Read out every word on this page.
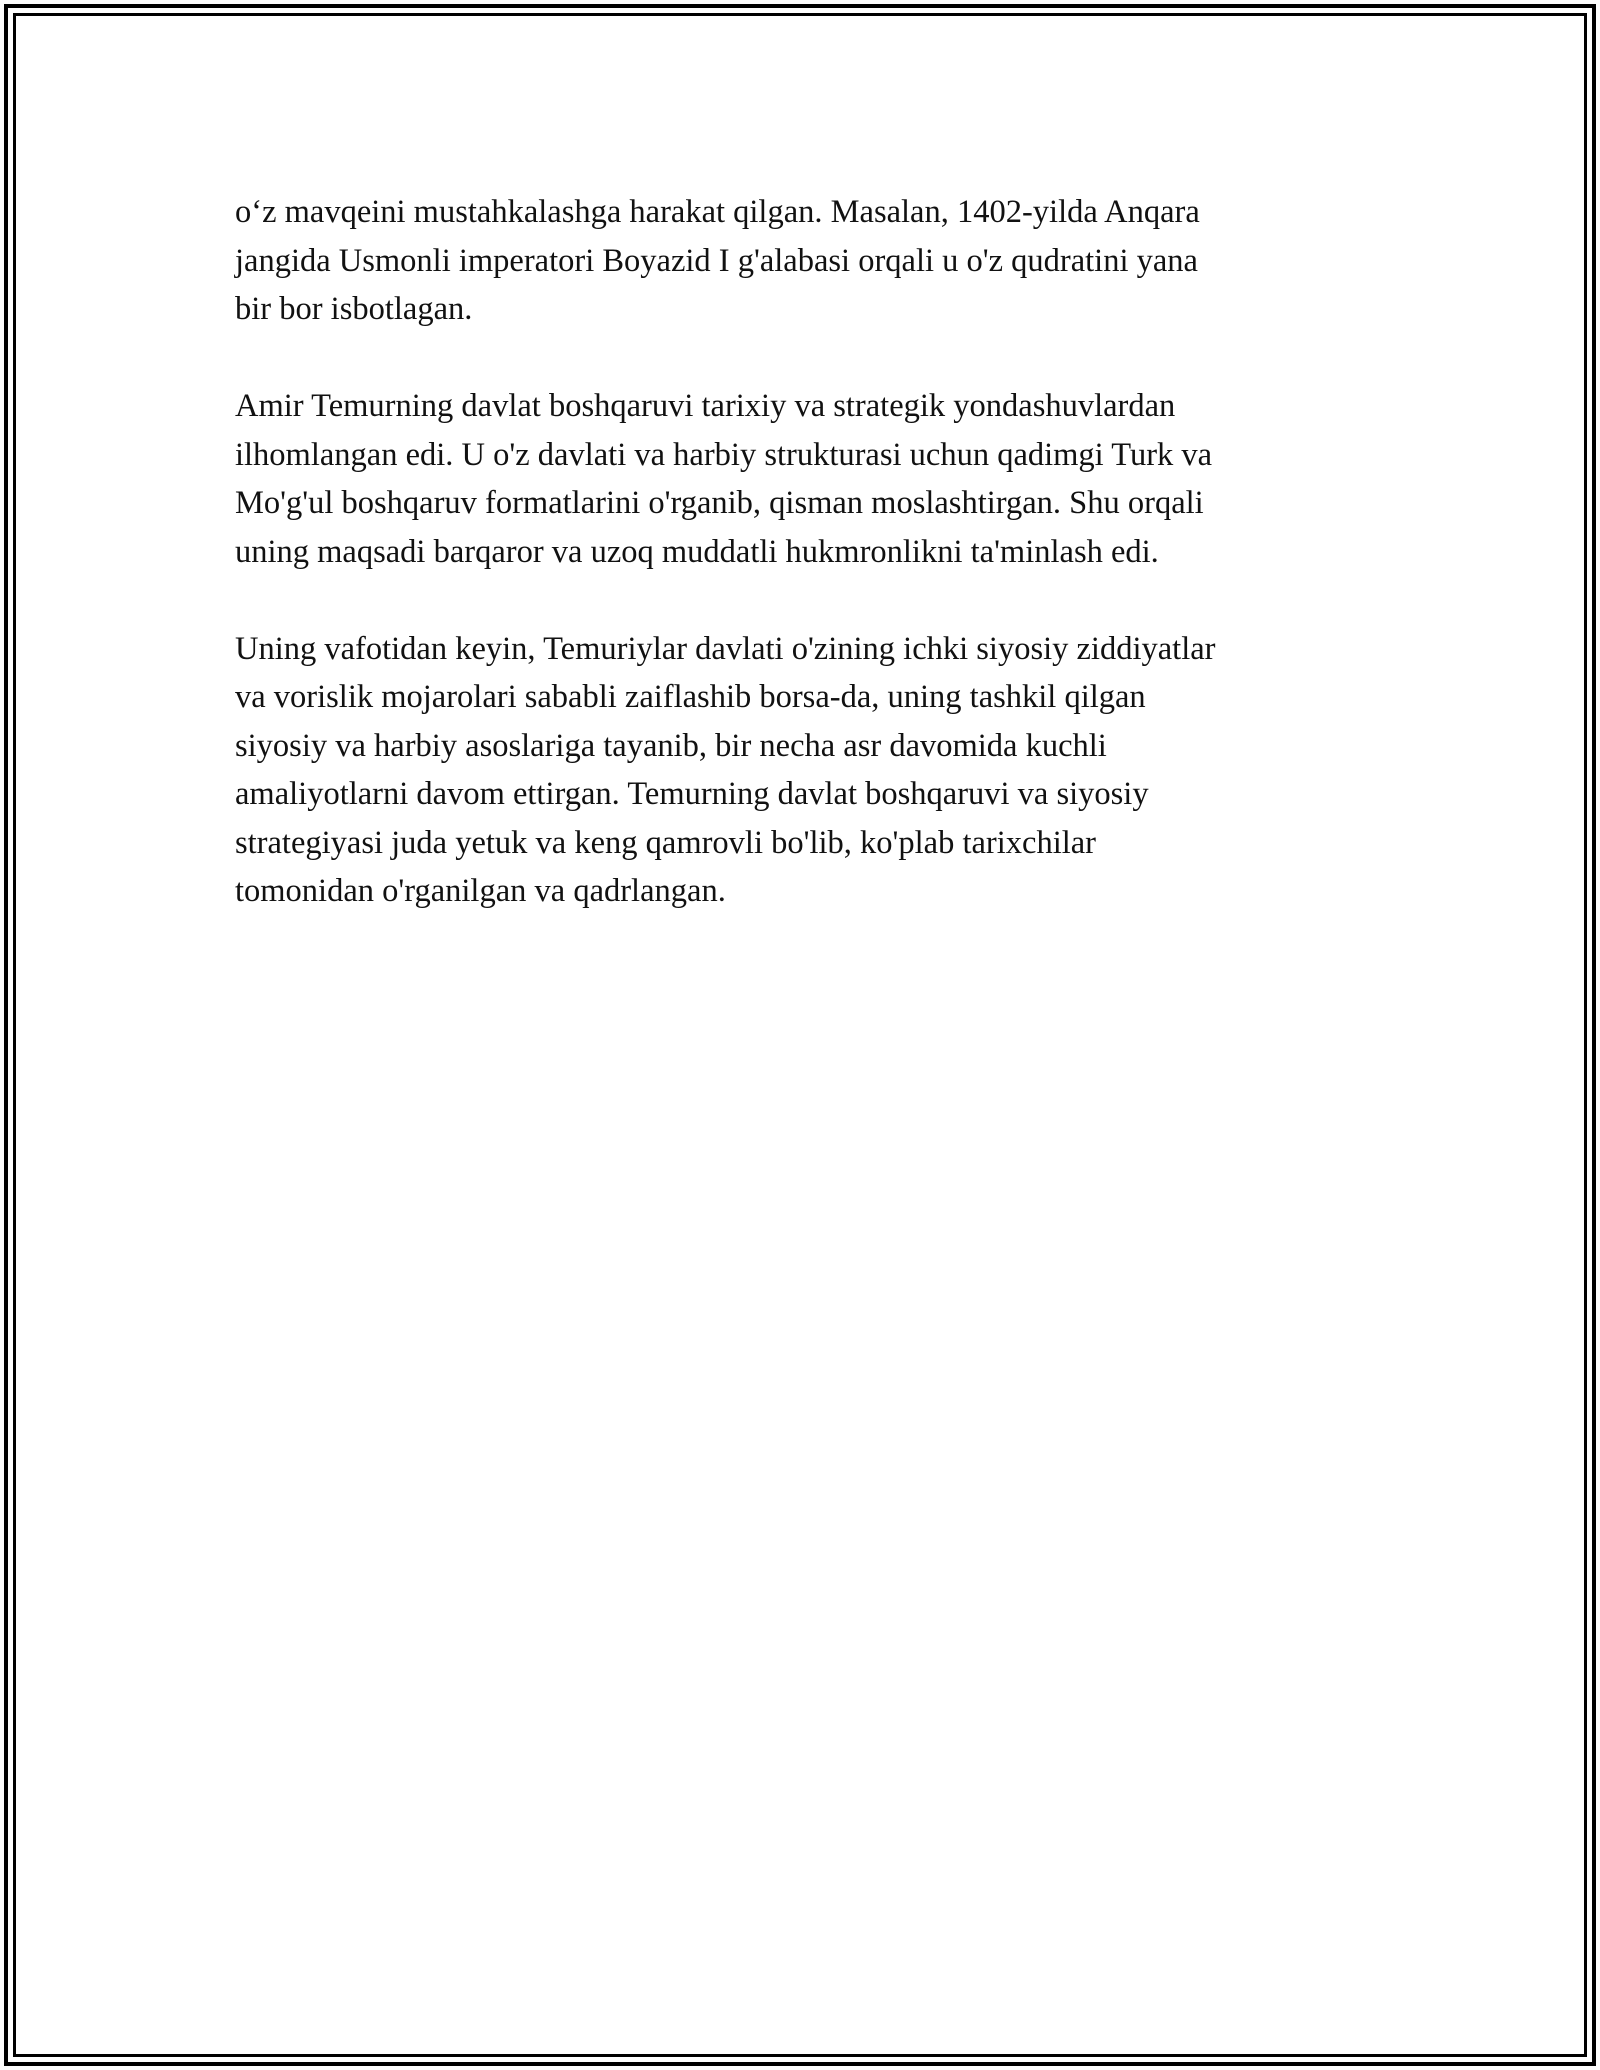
o‘z mavqeini mustahkalashga harakat qilgan. Masalan, 1402-yilda Anqara
jangida Usmonli imperatori Boyazid I g'alabasi orqali u o'z qudratini yana
bir bor isbotlagan.

Amir Temurning davlat boshqaruvi tarixiy va strategik yondashuvlardan
ilhomlangan edi. U o'z davlati va harbiy strukturasi uchun qadimgi Turk va
Mo'g'ul boshqaruv formatlarini o'rganib, qisman moslashtirgan. Shu orqali
uning maqsadi barqaror va uzoq muddatli hukmronlikni ta'minlash edi.

Uning vafotidan keyin, Temuriylar davlati o'zining ichki siyosiy ziddiyatlar
va vorislik mojarolari sababli zaiflashib borsa-da, uning tashkil qilgan
siyosiy va harbiy asoslariga tayanib, bir necha asr davomida kuchli
amaliyotlarni davom ettirgan. Temurning davlat boshqaruvi va siyosiy
strategiyasi juda yetuk va keng qamrovli bo'lib, ko'plab tarixchilar
tomonidan o'rganilgan va qadrlangan.
